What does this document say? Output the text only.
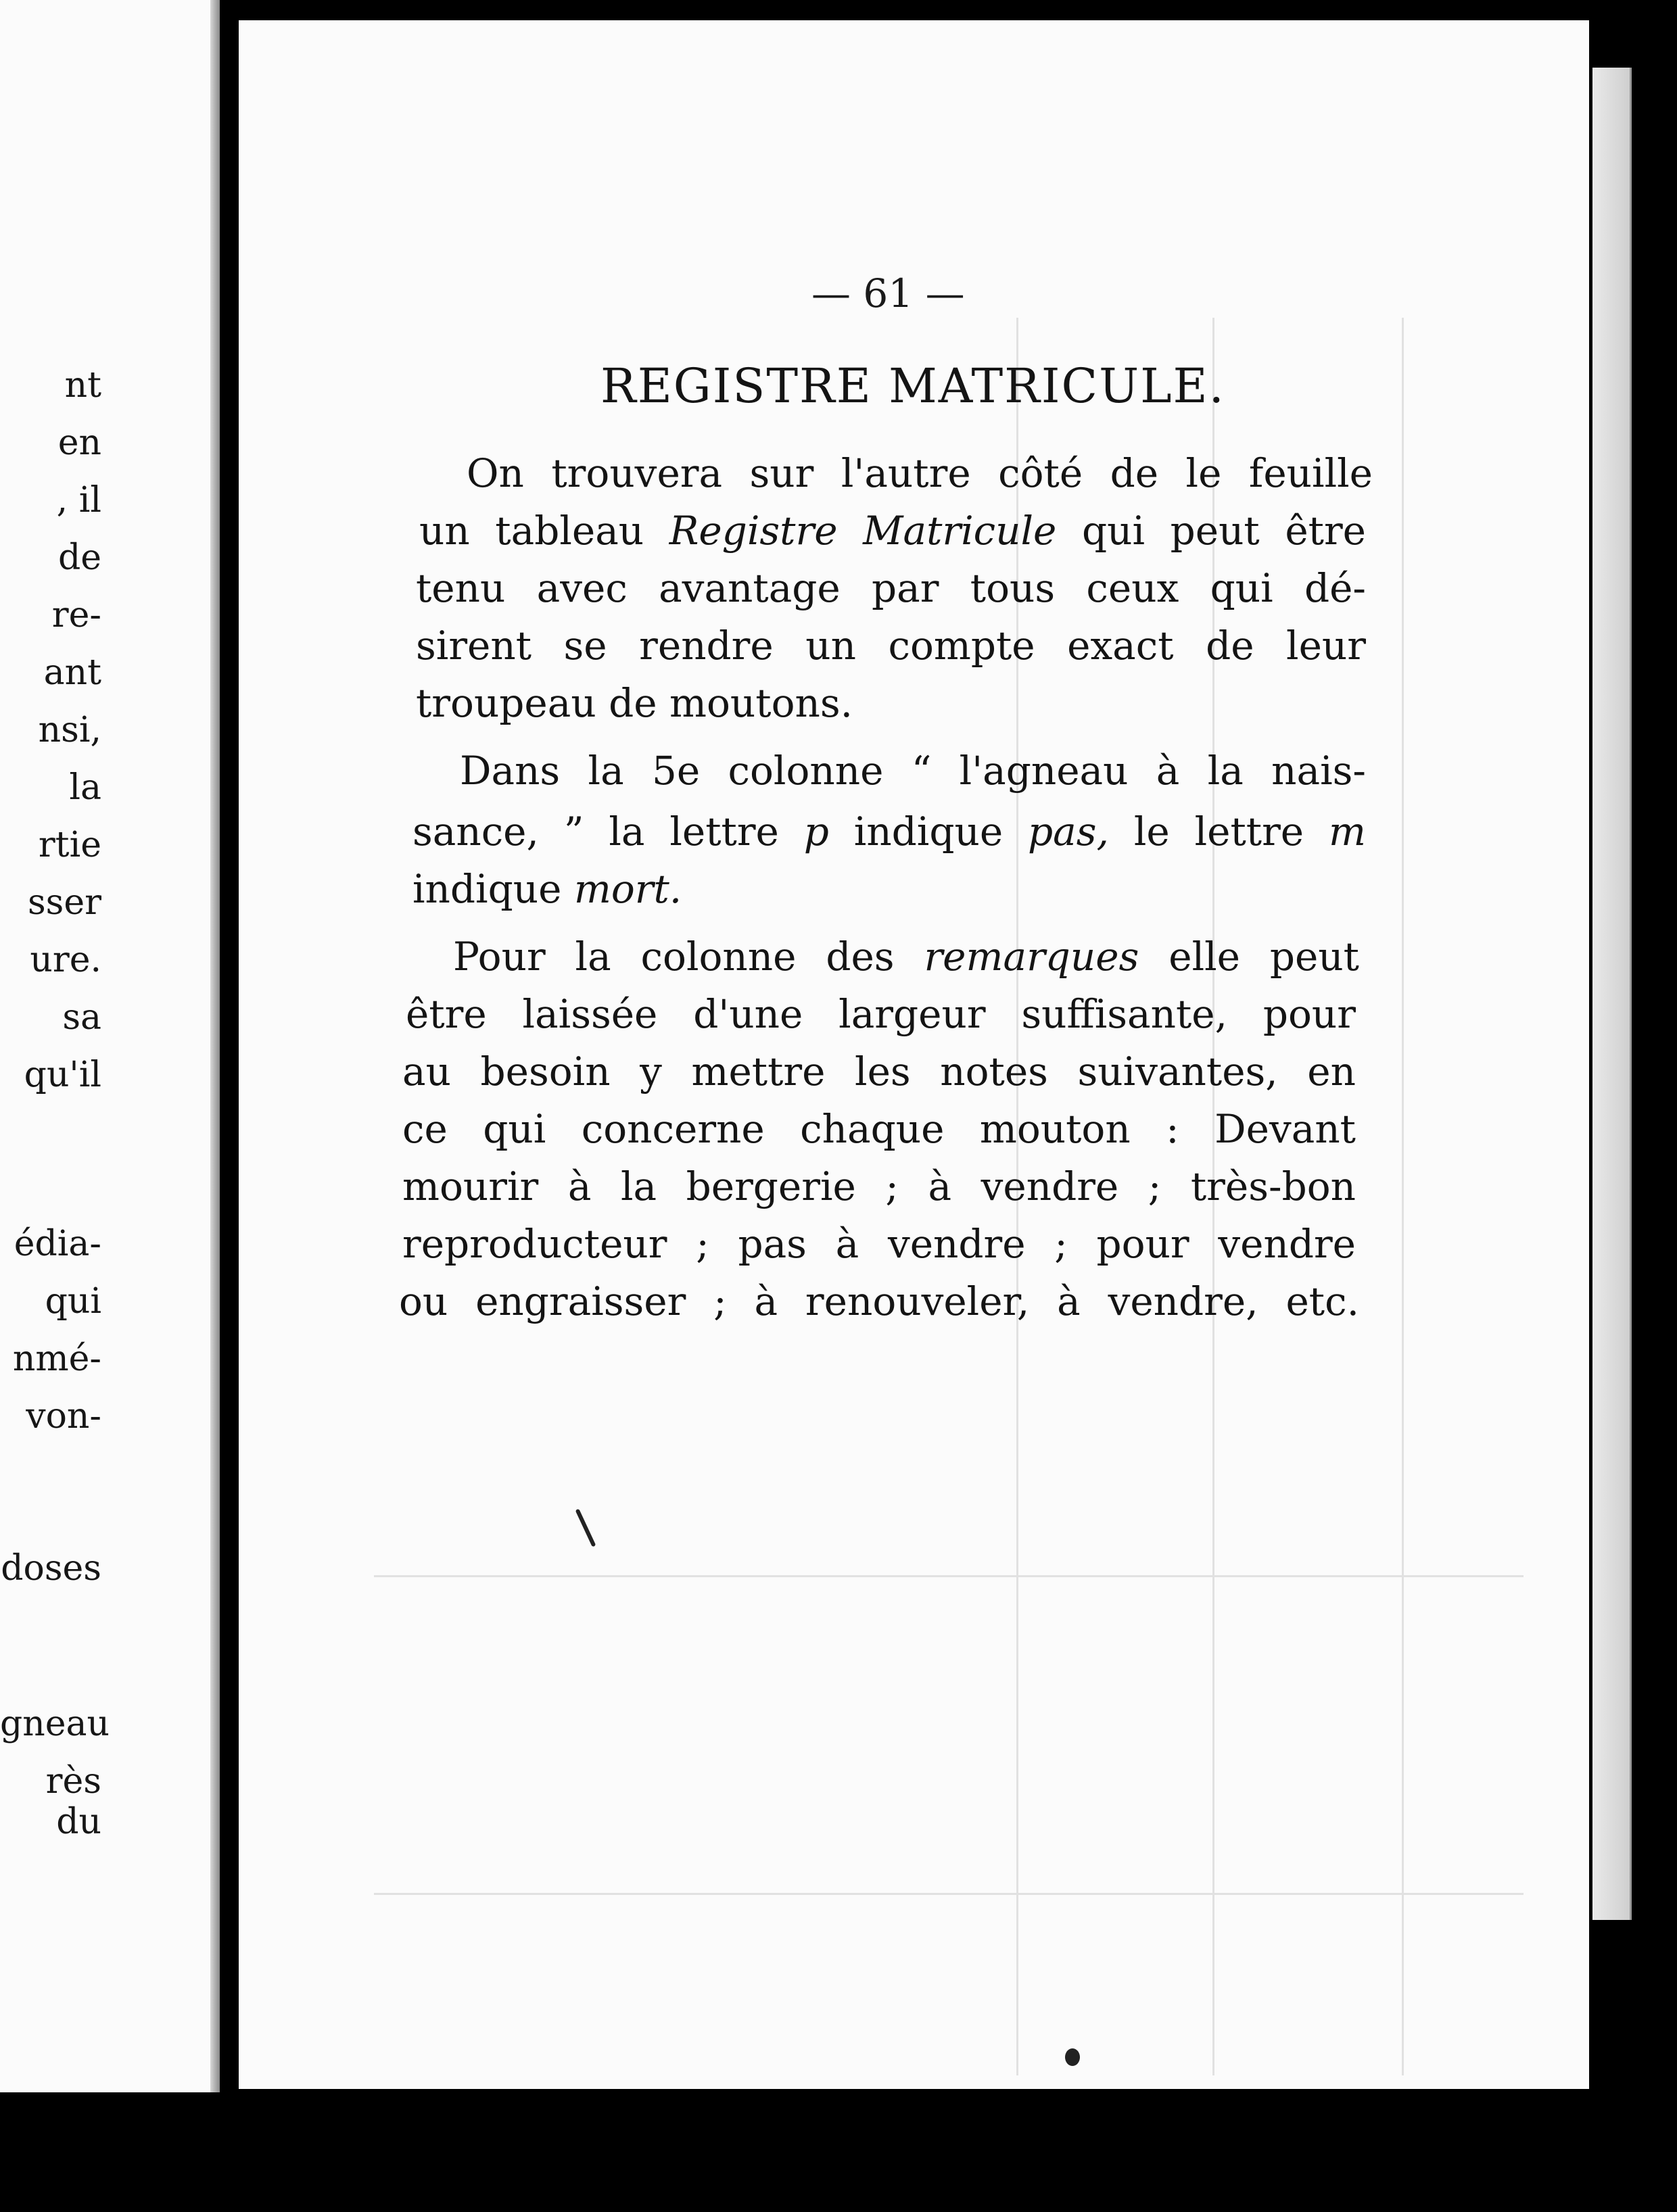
nt
en
, il
de
re-
ant
nsi,
la
rtie
sser
ure.
sa
qu'il
édia-
qui
nmé-
von-
doses
gneau
rès du
— 61 —
REGISTRE MATRICULE.
On trouvera sur l'autre côté de le feuille
un tableau Registre Matricule qui peut être
tenu avec avantage par tous ceux qui dé-
sirent se rendre un compte exact de leur
troupeau de moutons.
Dans la 5e colonne “ l'agneau à la nais-
sance, ” la lettre p indique pas, le lettre m
indique mort.
Pour la colonne des remarques elle peut
être laissée d'une largeur suffisante, pour
au besoin y mettre les notes suivantes, en
ce qui concerne chaque mouton : Devant
mourir à la bergerie ; à vendre ; très-bon
reproducteur ; pas à vendre ; pour vendre
ou engraisser ; à renouveler, à vendre, etc.
